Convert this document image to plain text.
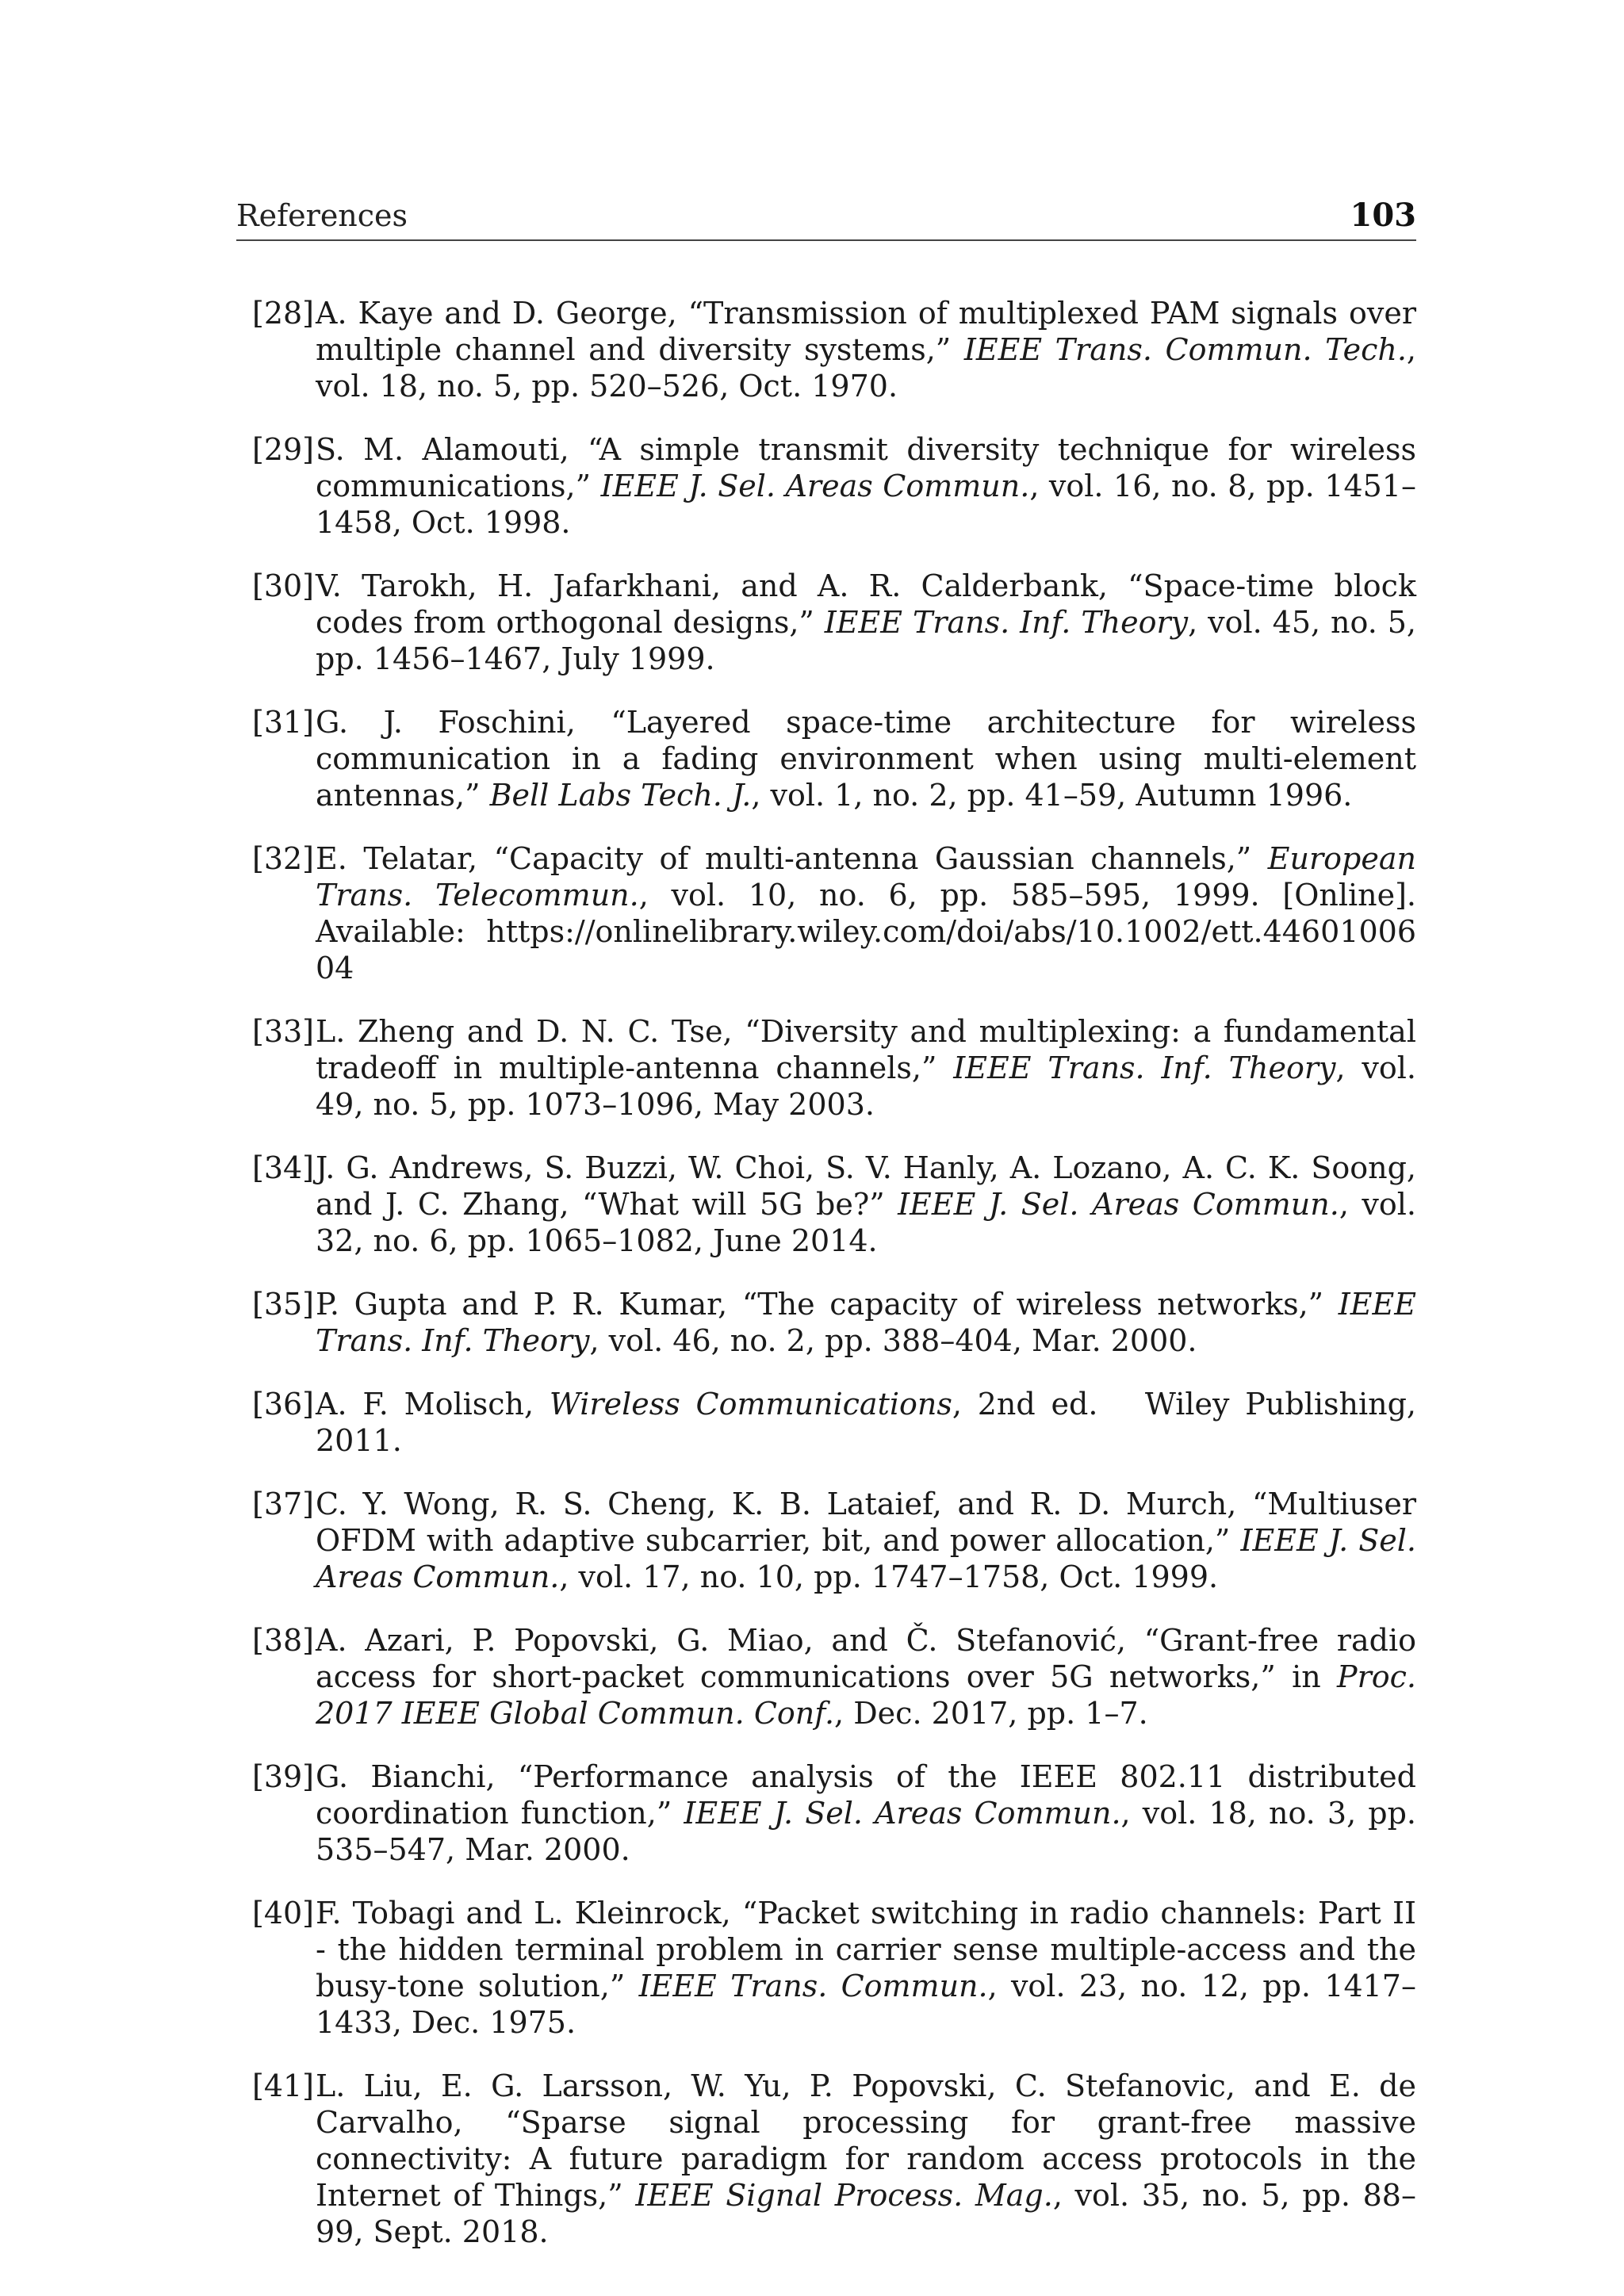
References	103
[28] A. Kaye and D. George, “Transmission of multiplexed PAM signals over multiple channel and diversity systems,” IEEE Trans. Commun. Tech., vol. 18, no. 5, pp. 520–526, Oct. 1970.
[29] S. M. Alamouti, “A simple transmit diversity technique for wireless communications,” IEEE J. Sel. Areas Commun., vol. 16, no. 8, pp. 1451–1458, Oct. 1998.
[30] V. Tarokh, H. Jafarkhani, and A. R. Calderbank, “Space-time block codes from orthogonal designs,” IEEE Trans. Inf. Theory, vol. 45, no. 5, pp. 1456–1467, July 1999.
[31] G. J. Foschini, “Layered space-time architecture for wireless communication in a fading environment when using multi-element antennas,” Bell Labs Tech. J., vol. 1, no. 2, pp. 41–59, Autumn 1996.
[32] E. Telatar, “Capacity of multi-antenna Gaussian channels,” European Trans. Telecommun., vol. 10, no. 6, pp. 585–595, 1999. [Online]. Available: https://onlinelibrary.wiley.com/doi/abs/10.1002/ett.4460100604
[33] L. Zheng and D. N. C. Tse, “Diversity and multiplexing: a fundamental tradeoff in multiple-antenna channels,” IEEE Trans. Inf. Theory, vol. 49, no. 5, pp. 1073–1096, May 2003.
[34] J. G. Andrews, S. Buzzi, W. Choi, S. V. Hanly, A. Lozano, A. C. K. Soong, and J. C. Zhang, “What will 5G be?” IEEE J. Sel. Areas Commun., vol. 32, no. 6, pp. 1065–1082, June 2014.
[35] P. Gupta and P. R. Kumar, “The capacity of wireless networks,” IEEE Trans. Inf. Theory, vol. 46, no. 2, pp. 388–404, Mar. 2000.
[36] A. F. Molisch, Wireless Communications, 2nd ed.   Wiley Publishing, 2011.
[37] C. Y. Wong, R. S. Cheng, K. B. Lataief, and R. D. Murch, “Multiuser OFDM with adaptive subcarrier, bit, and power allocation,” IEEE J. Sel. Areas Commun., vol. 17, no. 10, pp. 1747–1758, Oct. 1999.
[38] A. Azari, P. Popovski, G. Miao, and Č. Stefanović, “Grant-free radio access for short-packet communications over 5G networks,” in Proc. 2017 IEEE Global Commun. Conf., Dec. 2017, pp. 1–7.
[39] G. Bianchi, “Performance analysis of the IEEE 802.11 distributed coordination function,” IEEE J. Sel. Areas Commun., vol. 18, no. 3, pp. 535–547, Mar. 2000.
[40] F. Tobagi and L. Kleinrock, “Packet switching in radio channels: Part II - the hidden terminal problem in carrier sense multiple-access and the busy-tone solution,” IEEE Trans. Commun., vol. 23, no. 12, pp. 1417–1433, Dec. 1975.
[41] L. Liu, E. G. Larsson, W. Yu, P. Popovski, C. Stefanovic, and E. de Carvalho, “Sparse signal processing for grant-free massive connectivity: A future paradigm for random access protocols in the Internet of Things,” IEEE Signal Process. Mag., vol. 35, no. 5, pp. 88–99, Sept. 2018.
